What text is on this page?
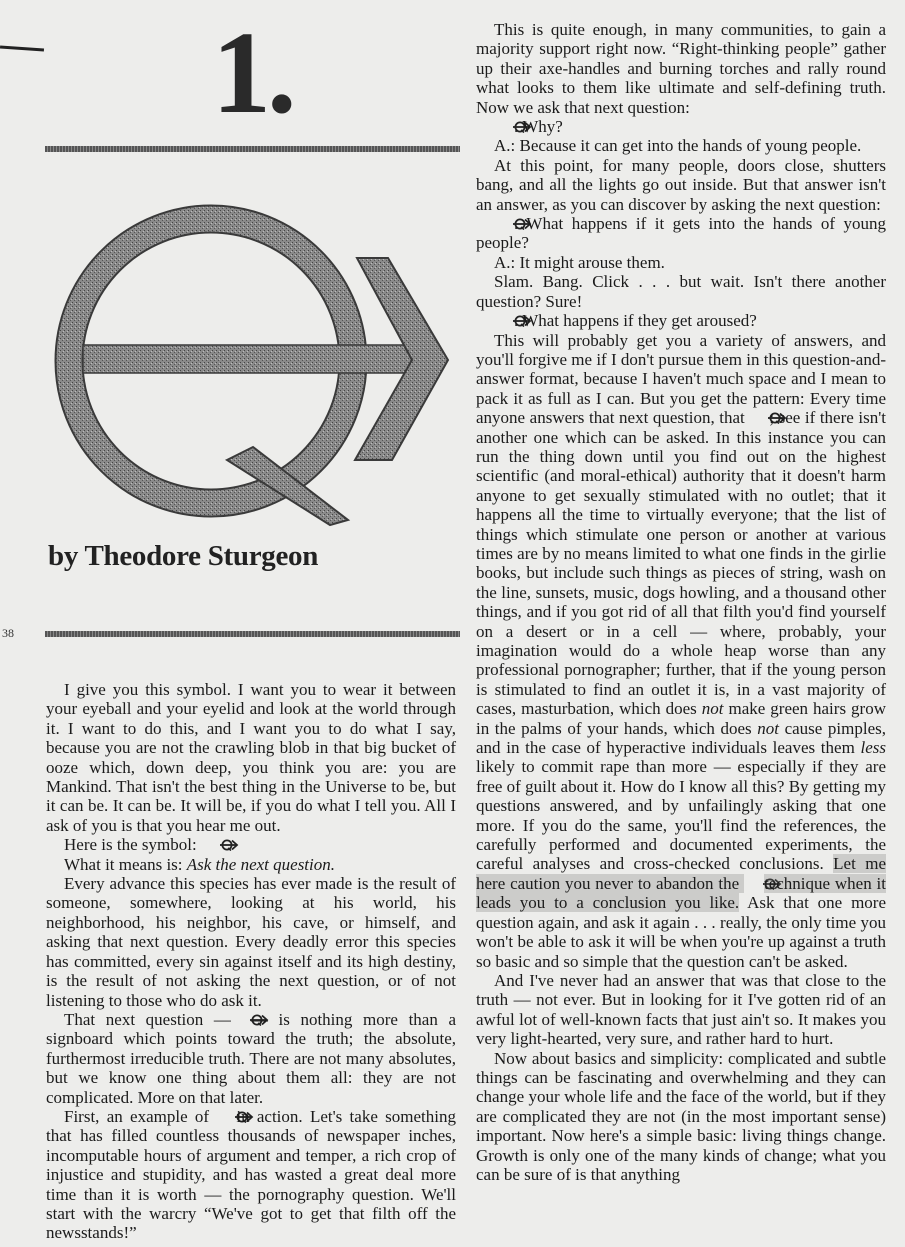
1.
by Theodore Sturgeon
38

I give you this symbol. I want you to wear it between your eyeball and your eyelid and look at the world through it. I want to do this, and I want you to do what I say, because you are not the crawling blob in that big bucket of ooze which, down deep, you think you are: you are Mankind. That isn't the best thing in the Universe to be, but it can be. It can be. It will be, if you do what I tell you. All I ask of you is that you hear me out.

Here is the symbol:

What it means is: Ask the next question.

Every advance this species has ever made is the result of someone, somewhere, looking at his world, his neighborhood, his neighbor, his cave, or himself, and asking that next question. Every deadly error this species has committed, every sin against itself and its high destiny, is the result of not asking the next question, or of not listening to those who do ask it.

That next question — — is nothing more than a signboard which points toward the truth; the absolute, furthermost irreducible truth. There are not many absolutes, but we know one thing about them all: they are not complicated. More on that later.

First, an example of in action. Let's take something that has filled countless thousands of newspaper inches, incomputable hours of argument and temper, a rich crop of injustice and stupidity, and has wasted a great deal more time than it is worth — the pornography question. We'll start with the warcry “We've got to get that filth off the newsstands!”

This is quite enough, in many communities, to gain a majority support right now. “Right-thinking people” gather up their axe-handles and burning torches and rally round what looks to them like ultimate and self-defining truth. Now we ask that next question:

. Why?

A.: Because it can get into the hands of young people.

At this point, for many people, doors close, shutters bang, and all the lights go out inside. But that answer isn't an answer, as you can discover by asking the next question:

. What happens if it gets into the hands of young people?

A.: It might arouse them.

Slam. Bang. Click . . . but wait. Isn't there another question? Sure!

. What happens if they get aroused?

This will probably get you a variety of answers, and you'll forgive me if I don't pursue them in this question-and-answer format, because I haven't much space and I mean to pack it as full as I can. But you get the pattern: Every time anyone answers that next question, that ; see if there isn't another one which can be asked. In this instance you can run the thing down until you find out on the highest scientific (and moral-ethical) authority that it doesn't harm anyone to get sexually stimulated with no outlet; that it happens all the time to virtually everyone; that the list of things which stimulate one person or another at various times are by no means limited to what one finds in the girlie books, but include such things as pieces of string, wash on the line, sunsets, music, dogs howling, and a thousand other things, and if you got rid of all that filth you'd find yourself on a desert or in a cell — where, probably, your imagination would do a whole heap worse than any professional pornographer; further, that if the young person is stimulated to find an outlet it is, in a vast majority of cases, masturbation, which does not make green hairs grow in the palms of your hands, which does not cause pimples, and in the case of hyperactive individuals leaves them less likely to commit rape than more — especially if they are free of guilt about it. How do I know all this? By getting my questions answered, and by unfailingly asking that one more. If you do the same, you'll find the references, the carefully performed and documented experiments, the careful analyses and cross-checked conclusions. Let me here caution you never to abandon the technique when it leads you to a conclusion you like. Ask that one more question again, and ask it again . . . really, the only time you won't be able to ask it will be when you're up against a truth so basic and so simple that the question can't be asked.

And I've never had an answer that was that close to the truth — not ever. But in looking for it I've gotten rid of an awful lot of well-known facts that just ain't so. It makes you very light-hearted, very sure, and rather hard to hurt.

Now about basics and simplicity: complicated and subtle things can be fascinating and overwhelming and they can change your whole life and the face of the world, but if they are complicated they are not (in the most important sense) important. Now here's a simple basic: living things change. Growth is only one of the many kinds of change; what you can be sure of is that anything
